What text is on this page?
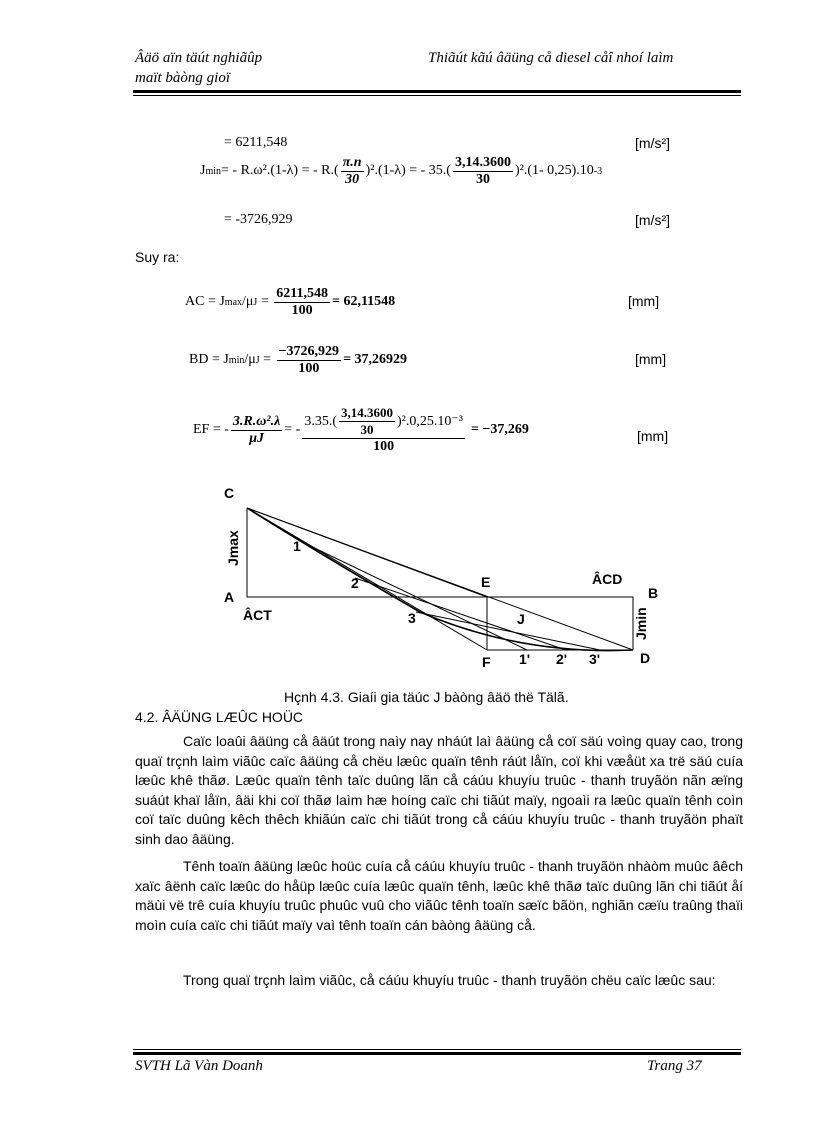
Âäö aïn täút nghiãûp
maït bàòng gioï
Thiãút kãú âäüng cå diesel cåî nhoí laìm
= 6211,548	[m/s²]
J min = - R.ω².(1-λ) = - $R.( \frac{\pi.n}{30} )^2.(1-\lambda)$ = - $35.( \frac{3,14.3600}{30} )^2.(1-$ 0,25).10 -3
= -3726,929	[m/s²]
Suy ra:
AC = J max /μ $J = \frac{6211,548}{100} = 62,11548$	[mm]
BD = J min /μ $J = \frac{-3726,929}{100} = 37,26929$	[mm]
EF = - $\frac{\text{3.R.ω².λ}}{\mu J}$ = -
$3.35.( \frac{3,14.3600}{30} )^2.0,25.10^{-3}$
100
= −37,269	[mm]
C
A
E
B
D
F
ÂCD
ÂCT	J
1
2
3
1' 2' 3'
Jmax
Jmin
Hçnh 4.3. Giaíi gia täúc J bàòng âäö thë Tälã.
4.2. ÂÄÜNG LÆÛC HOÜC
Caïc loaûi âäüng cå âäút trong naìy nay nháút laì âäüng cå coï säú voìng quay cao, trong quaï trçnh laìm viãûc caïc âäüng cå chëu læûc quaïn tênh ráút låïn, coï khi væåüt xa trë säú cuía læûc khê thãø. Læûc quaïn tênh taïc duûng lãn cå cáúu khuyíu truûc - thanh truyãön nãn æïng suáút khaï låïn, âäi khi coï thãø laìm hæ hoíng caïc chi tiãút maïy, ngoaìi ra læûc quaïn tênh coìn coï taïc duûng kêch thêch khiãún caïc chi tiãút trong cå cáúu khuyíu truûc - thanh truyãön phaït sinh dao âäüng.
Tênh toaïn âäüng læûc hoüc cuía cå cáúu khuyíu truûc - thanh truyãön nhàòm muûc âêch xaïc âënh caïc læûc do håüp læûc cuía læûc quaïn tênh, læûc khê thãø taïc duûng lãn chi tiãút åí mäùi vë trê cuía khuyíu truûc phuûc vuû cho viãûc tênh toaïn sæïc bãön, nghiãn cæïu traûng thaïi moìn cuía caïc chi tiãút maïy vaì tênh toaïn cán bàòng âäüng cå.
Trong quaï trçnh laìm viãûc, cå cáúu khuyíu truûc - thanh truyãön chëu caïc læûc sau:
SVTH Lã Vàn Doanh	Trang 37
